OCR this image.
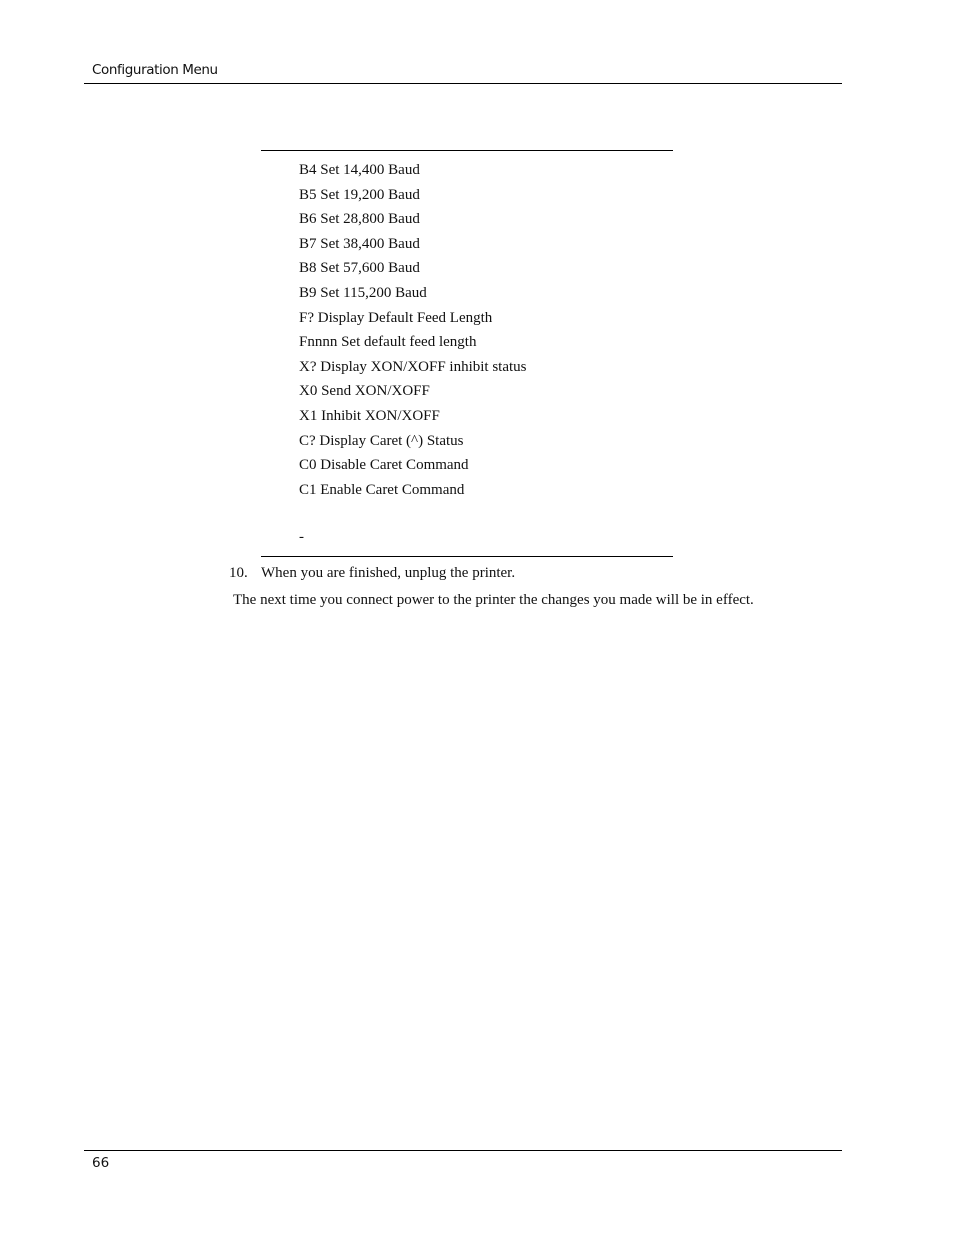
Configuration Menu
B4 Set 14,400 Baud
B5 Set 19,200 Baud
B6 Set 28,800 Baud
B7 Set 38,400 Baud
B8 Set 57,600 Baud
B9 Set 115,200 Baud
F? Display Default Feed Length
Fnnnn Set default feed length
X? Display XON/XOFF inhibit status
X0 Send XON/XOFF
X1 Inhibit XON/XOFF
C? Display Caret (^) Status
C0 Disable Caret Command
C1 Enable Caret Command
-
10. When you are finished, unplug the printer.
The next time you connect power to the printer the changes you made will be in effect.
66
